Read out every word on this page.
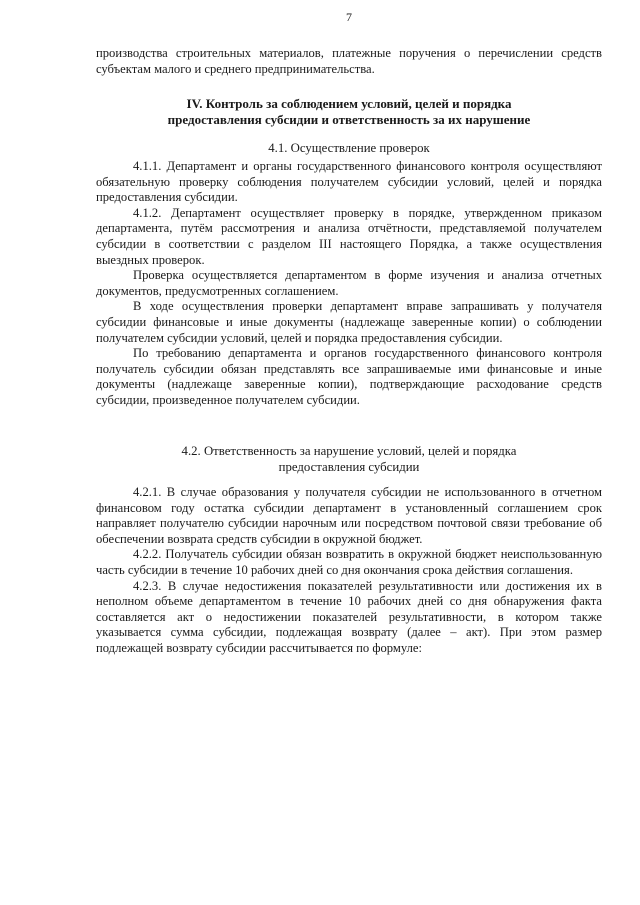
7

производства строительных материалов, платежные поручения о перечислении средств субъектам малого и среднего предпринимательства.

IV. Контроль за соблюдением условий, целей и порядка
предоставления субсидии и ответственность за их нарушение
4.1. Осуществление проверок

4.1.1. Департамент и органы государственного финансового контроля осуществляют обязательную проверку соблюдения получателем субсидии условий, целей и порядка предоставления субсидии.

4.1.2. Департамент осуществляет проверку в порядке, утвержденном приказом департамента, путём рассмотрения и анализа отчётности, представляемой получателем субсидии в соответствии с разделом III настоящего Порядка, а также осуществления выездных проверок.

Проверка осуществляется департаментом в форме изучения и анализа отчетных документов, предусмотренных соглашением.

В ходе осуществления проверки департамент вправе запрашивать у получателя субсидии финансовые и иные документы (надлежаще заверенные копии) о соблюдении получателем субсидии условий, целей и порядка предоставления субсидии.

По требованию департамента и органов государственного финансового контроля получатель субсидии обязан представлять все запрашиваемые ими финансовые и иные документы (надлежаще заверенные копии), подтверждающие расходование средств субсидии, произведенное получателем субсидии.

4.2. Ответственность за нарушение условий, целей и порядка
предоставления субсидии

4.2.1. В случае образования у получателя субсидии не использованного в отчетном финансовом году остатка субсидии департамент в установленный соглашением срок направляет получателю субсидии нарочным или посредством почтовой связи требование об обеспечении возврата средств субсидии в окружной бюджет.

4.2.2. Получатель субсидии обязан возвратить в окружной бюджет неиспользованную часть субсидии в течение 10 рабочих дней со дня окончания срока действия соглашения.

4.2.3. В случае недостижения показателей результативности или достижения их в неполном объеме департаментом в течение 10 рабочих дней со дня обнаружения факта составляется акт о недостижении показателей результативности, в котором также указывается сумма субсидии, подлежащая возврату (далее – акт). При этом размер подлежащей возврату субсидии рассчитывается по формуле:
